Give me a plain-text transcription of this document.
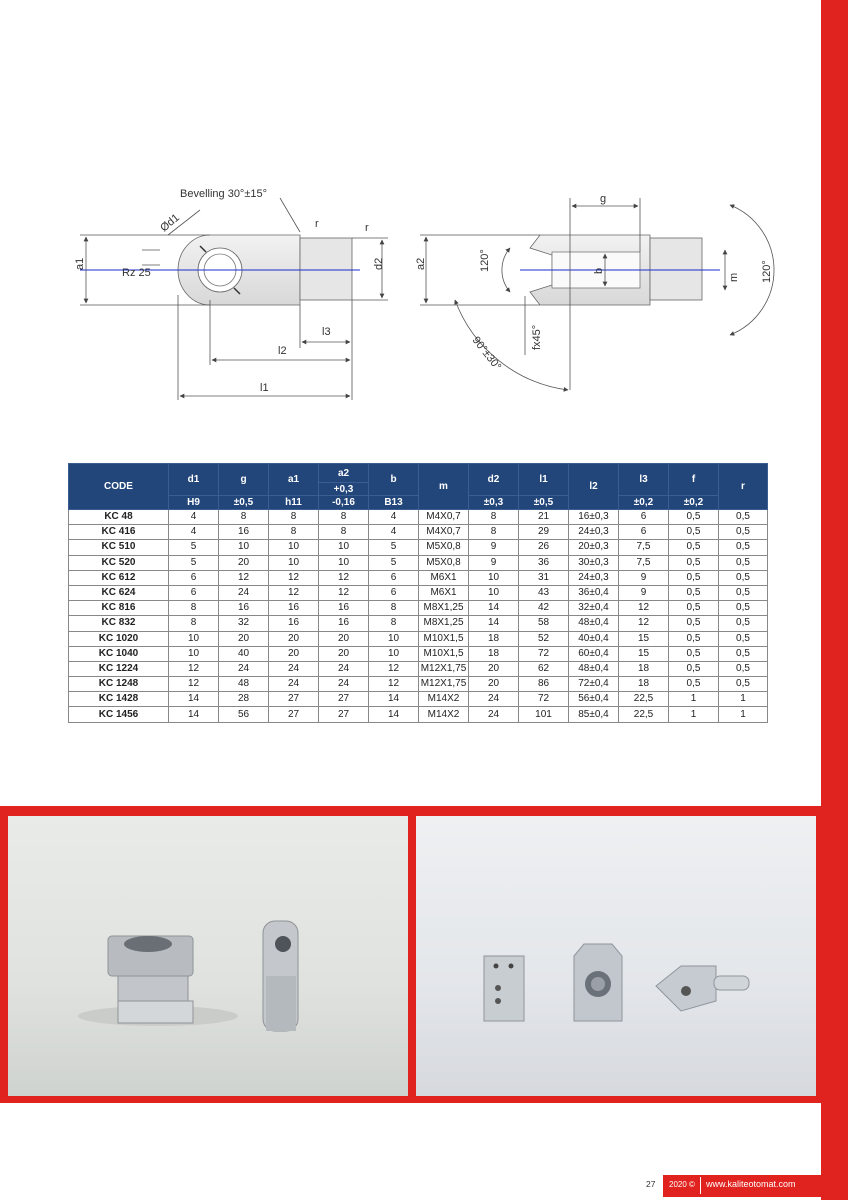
Bevelling 30°±15°
Ød1	r	r
a1
Rz 25
d2
l3
l2
l1
g
a2	120°	b
m 120°
fx45°
90°±30°
CODE	d1	g	a1	a2	b	m	d2	l1	l2	l3	f	r
				+0,3								
	H9	±0,5	h11	-0,16	B13		±0,3	±0,5		±0,2	±0,2	
KC 48	4	8	8	8	4	M4X0,7	8	21	16±0,3	6	0,5	0,5
KC 416	4	16	8	8	4	M4X0,7	8	29	24±0,3	6	0,5	0,5
KC 510	5	10	10	10	5	M5X0,8	9	26	20±0,3	7,5	0,5	0,5
KC 520	5	20	10	10	5	M5X0,8	9	36	30±0,3	7,5	0,5	0,5
KC 612	6	12	12	12	6	M6X1	10	31	24±0,3	9	0,5	0,5
KC 624	6	24	12	12	6	M6X1	10	43	36±0,4	9	0,5	0,5
KC 816	8	16	16	16	8	M8X1,25	14	42	32±0,4	12	0,5	0,5
KC 832	8	32	16	16	8	M8X1,25	14	58	48±0,4	12	0,5	0,5
KC 1020	10	20	20	20	10	M10X1,5	18	52	40±0,4	15	0,5	0,5
KC 1040	10	40	20	20	10	M10X1,5	18	72	60±0,4	15	0,5	0,5
KC 1224	12	24	24	24	12	M12X1,75	20	62	48±0,4	18	0,5	0,5
KC 1248	12	48	24	24	12	M12X1,75	20	86	72±0,4	18	0,5	0,5
KC 1428	14	28	27	27	14	M14X2	24	72	56±0,4	22,5	1	1
KC 1456	14	56	27	27	14	M14X2	24	101	85±0,4	22,5	1	1
27 2020 © www.kaliteotomat.com
